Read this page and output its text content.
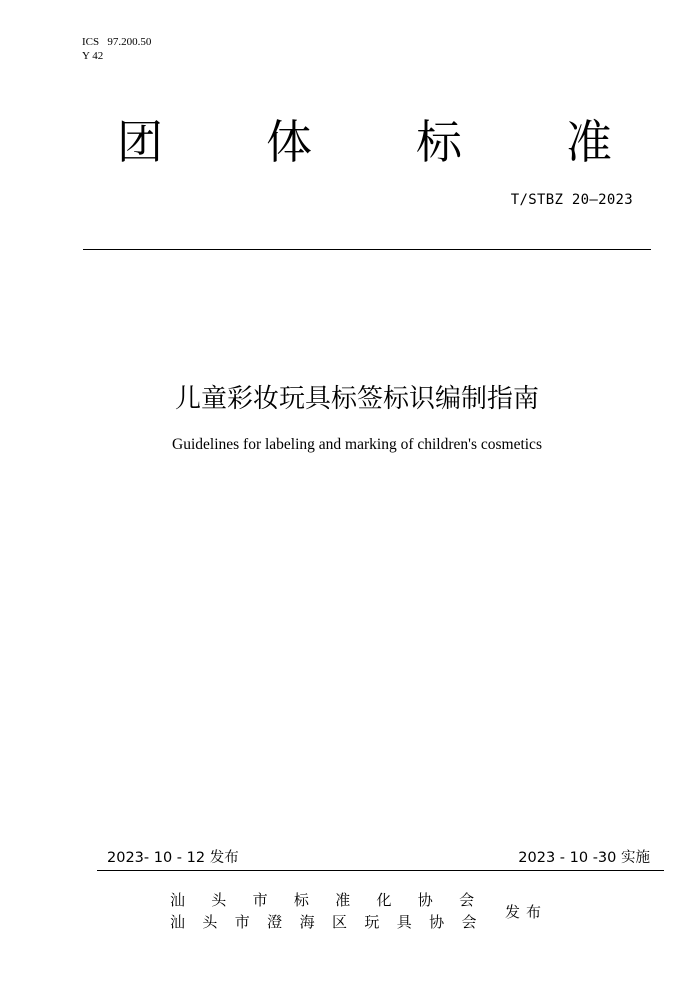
ICS   97.200.50
Y 42
团 体 标 准
T/STBZ 20—2023
儿童彩妆玩具标签标识编制指南
Guidelines for labeling and marking of children's cosmetics
2023- 10 - 12 发布	2023 - 10 -30 实施
汕 头 市 标 准 化 协 会
汕 头 市 澄 海 区 玩 具 协 会
发布
